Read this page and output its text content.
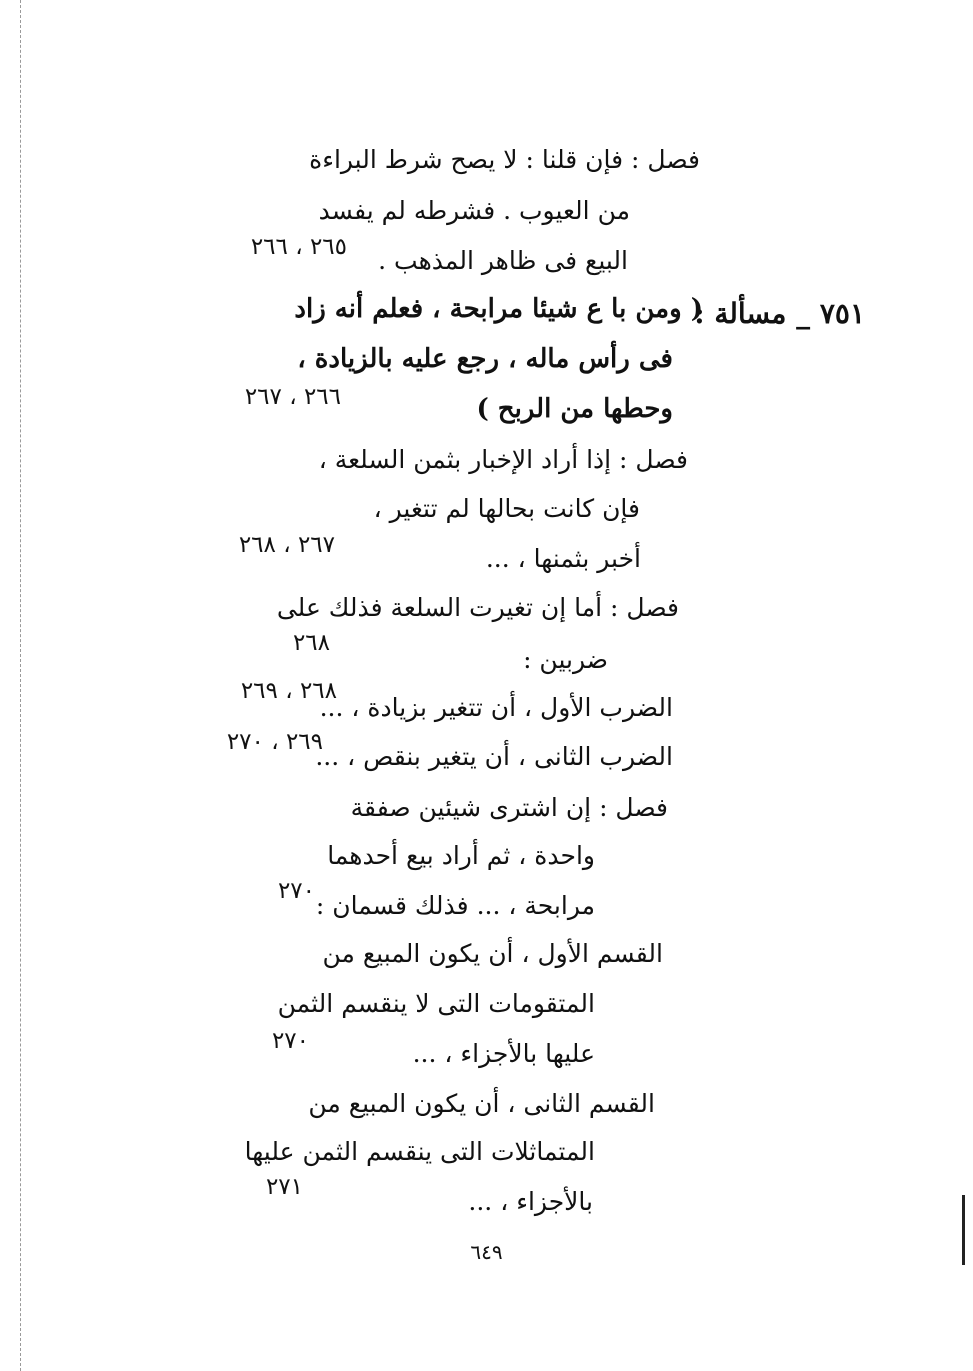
فصل : فإن قلنا : لا يصح شرط البراءة
من العيوب . فشرطه لم يفسد
البيع فى ظاهر المذهب .
٧٥١ _ مسألة :
( ومن با ع شيئا مرابحة ، فعلم أنه زاد
فى رأس ماله ، رجع عليه بالزيادة ،
وحطها من الربح )
فصل : إذا أراد الإخبار بثمن السلعة ،
فإن كانت بحالها لم تتغير ،
أخبر بثمنها ، ...
فصل : أما إن تغيرت السلعة فذلك على
ضربين :
الضرب الأول ، أن تتغير بزيادة ، ...
الضرب الثانى ، أن يتغير بنقص ، ...
فصل : إن اشترى شيئين صفقة
واحدة ، ثم أراد بيع أحدهما
مرابحة ، ... فذلك قسمان :
القسم الأول ، أن يكون المبيع من
المتقومات التى لا ينقسم الثمن
عليها بالأجزاء ، ...
القسم الثانى ، أن يكون المبيع من
المتماثلات التى ينقسم الثمن عليها
بالأجزاء ، ...
٢٦٥ ، ٢٦٦
٢٦٦ ، ٢٦٧
٢٦٧ ، ٢٦٨
٢٦٨
٢٦٨ ، ٢٦٩
٢٦٩ ، ٢٧٠
٢٧٠
٢٧٠
٢٧١
٦٤٩
